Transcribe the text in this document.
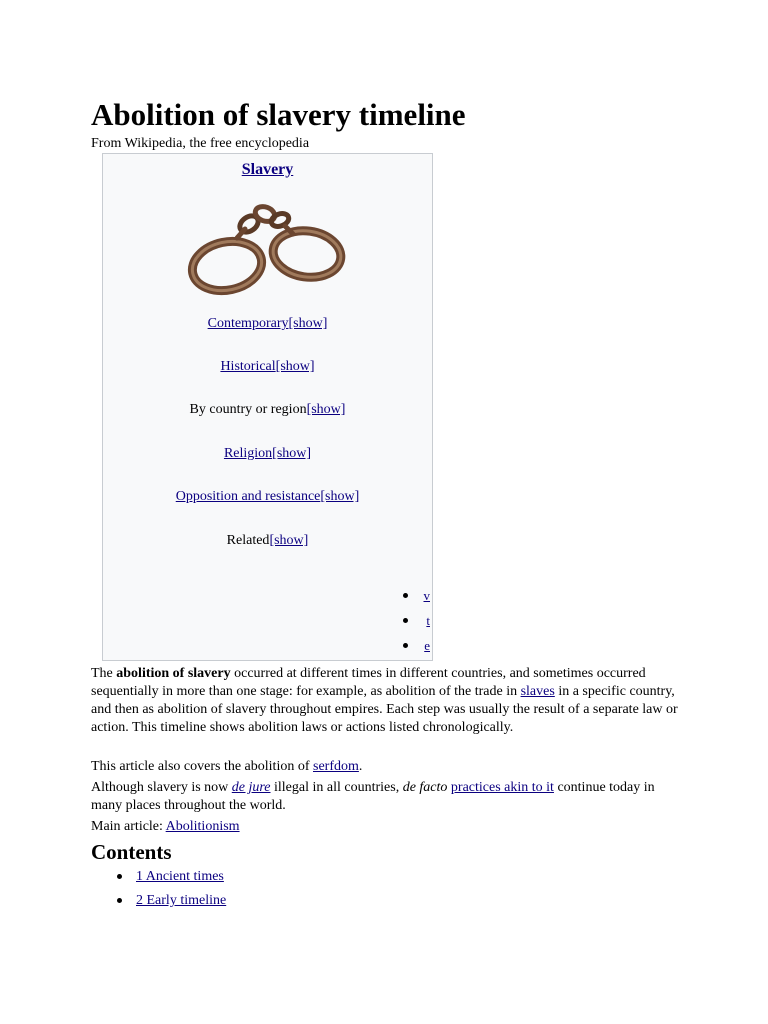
Abolition of slavery timeline
From Wikipedia, the free encyclopedia
Slavery
Contemporary[show]
Historical[show]
By country or region[show]
Religion[show]
Opposition and resistance[show]
Related[show]
v
t
e
The abolition of slavery occurred at different times in different countries, and sometimes occurred sequentially in more than one stage: for example, as abolition of the trade in slaves in a specific country, and then as abolition of slavery throughout empires. Each step was usually the result of a separate law or action. This timeline shows abolition laws or actions listed chronologically.
This article also covers the abolition of serfdom.
Although slavery is now de jure illegal in all countries, de facto practices akin to it continue today in many places throughout the world.
Main article: Abolitionism
Contents
1 Ancient times
2 Early timeline
